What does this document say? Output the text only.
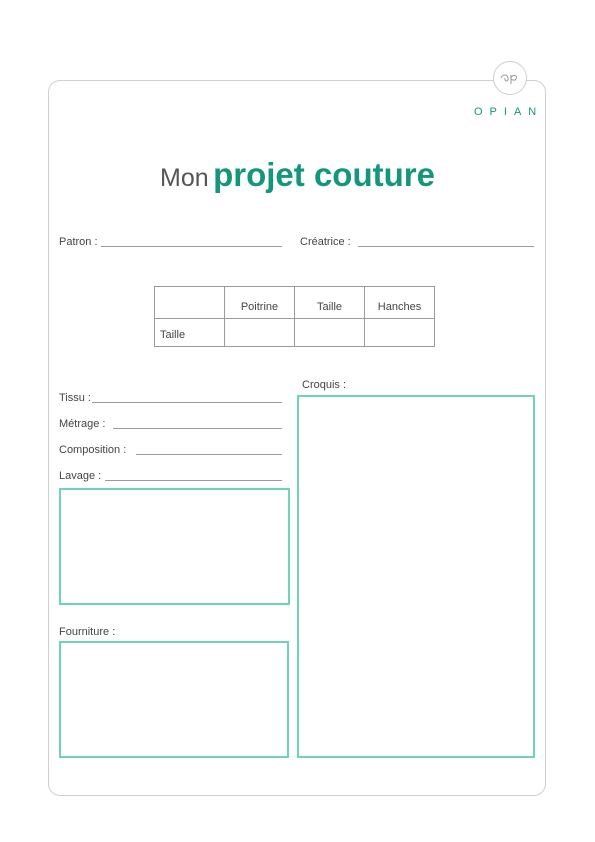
OPIAN
Mon projet couture
Patron :	Créatrice :
	Poitrine	Taille	Hanches
Taille			
Tissu :
Métrage :
Composition :
Lavage :
Fourniture :
Croquis :
